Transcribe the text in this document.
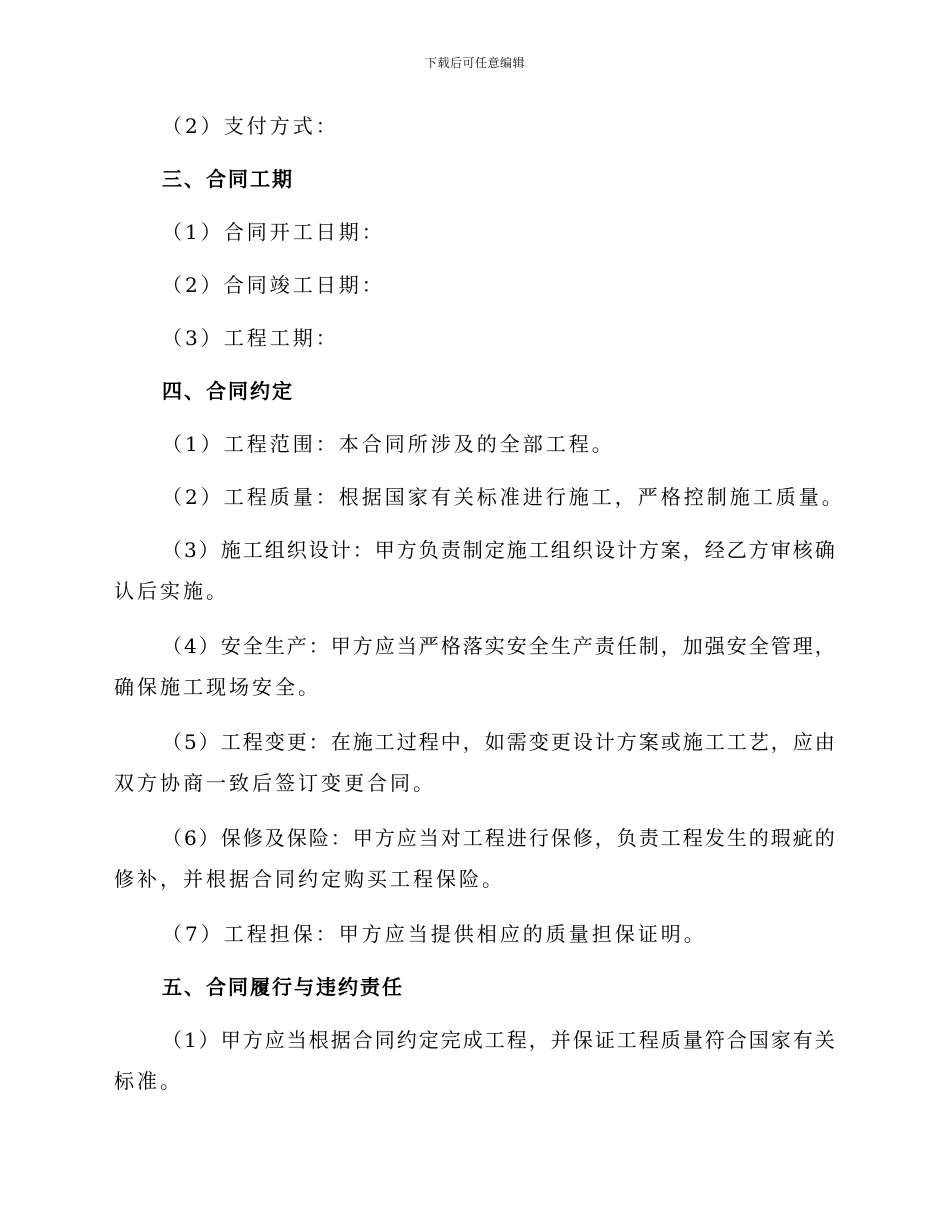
下载后可任意编辑
（2）支付方式：
三、合同工期
（1）合同开工日期：
（2）合同竣工日期：
（3）工程工期：
四、合同约定
（1）工程范围：本合同所涉及的全部工程。
（2）工程质量：根据国家有关标准进行施工，严格控制施工质量。
（3）施工组织设计：甲方负责制定施工组织设计方案，经乙方审核确
认后实施。
（4）安全生产：甲方应当严格落实安全生产责任制，加强安全管理，
确保施工现场安全。
（5）工程变更：在施工过程中，如需变更设计方案或施工工艺，应由
双方协商一致后签订变更合同。
（6）保修及保险：甲方应当对工程进行保修，负责工程发生的瑕疵的
修补，并根据合同约定购买工程保险。
（7）工程担保：甲方应当提供相应的质量担保证明。
五、合同履行与违约责任
（1）甲方应当根据合同约定完成工程，并保证工程质量符合国家有关
标准。
